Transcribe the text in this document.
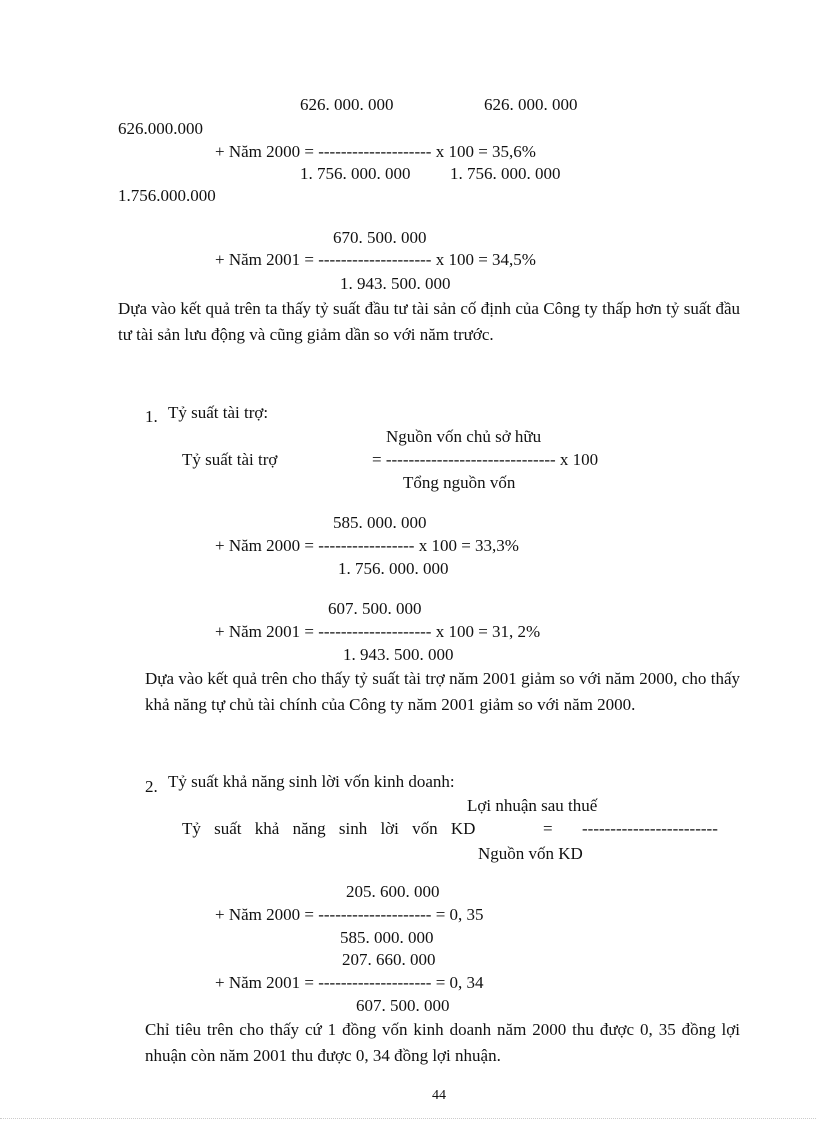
626. 000. 000	626. 000. 000
626.000.000
+ Năm 2000 = -------------------- x 100 = 35,6%
1. 756. 000. 000 1. 756. 000. 000
1.756.000.000
670. 500. 000
+ Năm 2001 = -------------------- x 100 = 34,5%
1. 943. 500. 000
Dựa vào kết quả trên ta thấy tỷ suất đầu tư tài sản cố định của Công ty thấp hơn tỷ suất đầu tư tài sản lưu động và cũng giảm dần so với năm trước.
1. Tỷ suất tài trợ:
Nguồn vốn chủ sở hữu
Tỷ suất tài trợ	= ------------------------------ x 100
Tổng nguồn vốn
585. 000. 000
+ Năm 2000 = ----------------- x 100 = 33,3%
1. 756. 000. 000
607. 500. 000
+ Năm 2001 = -------------------- x 100 = 31, 2%
1. 943. 500. 000
Dựa vào kết quả trên cho thấy tỷ suất tài trợ năm 2001 giảm so với năm 2000, cho thấy khả năng tự chủ tài chính của Công ty năm 2001 giảm so với năm 2000.
2. Tỷ suất khả năng sinh lời vốn kinh doanh:
Lợi nhuận sau thuế
Tỷ suất khả năng sinh lời vốn KD	= ------------------------
Nguồn vốn KD
205. 600. 000
+ Năm 2000 = -------------------- = 0, 35
585. 000. 000
207. 660. 000
+ Năm 2001 = -------------------- = 0, 34
607. 500. 000
Chỉ tiêu trên cho thấy cứ 1 đồng vốn kinh doanh năm 2000 thu được 0, 35 đồng lợi nhuận còn năm 2001 thu được 0, 34 đồng lợi nhuận.
44
